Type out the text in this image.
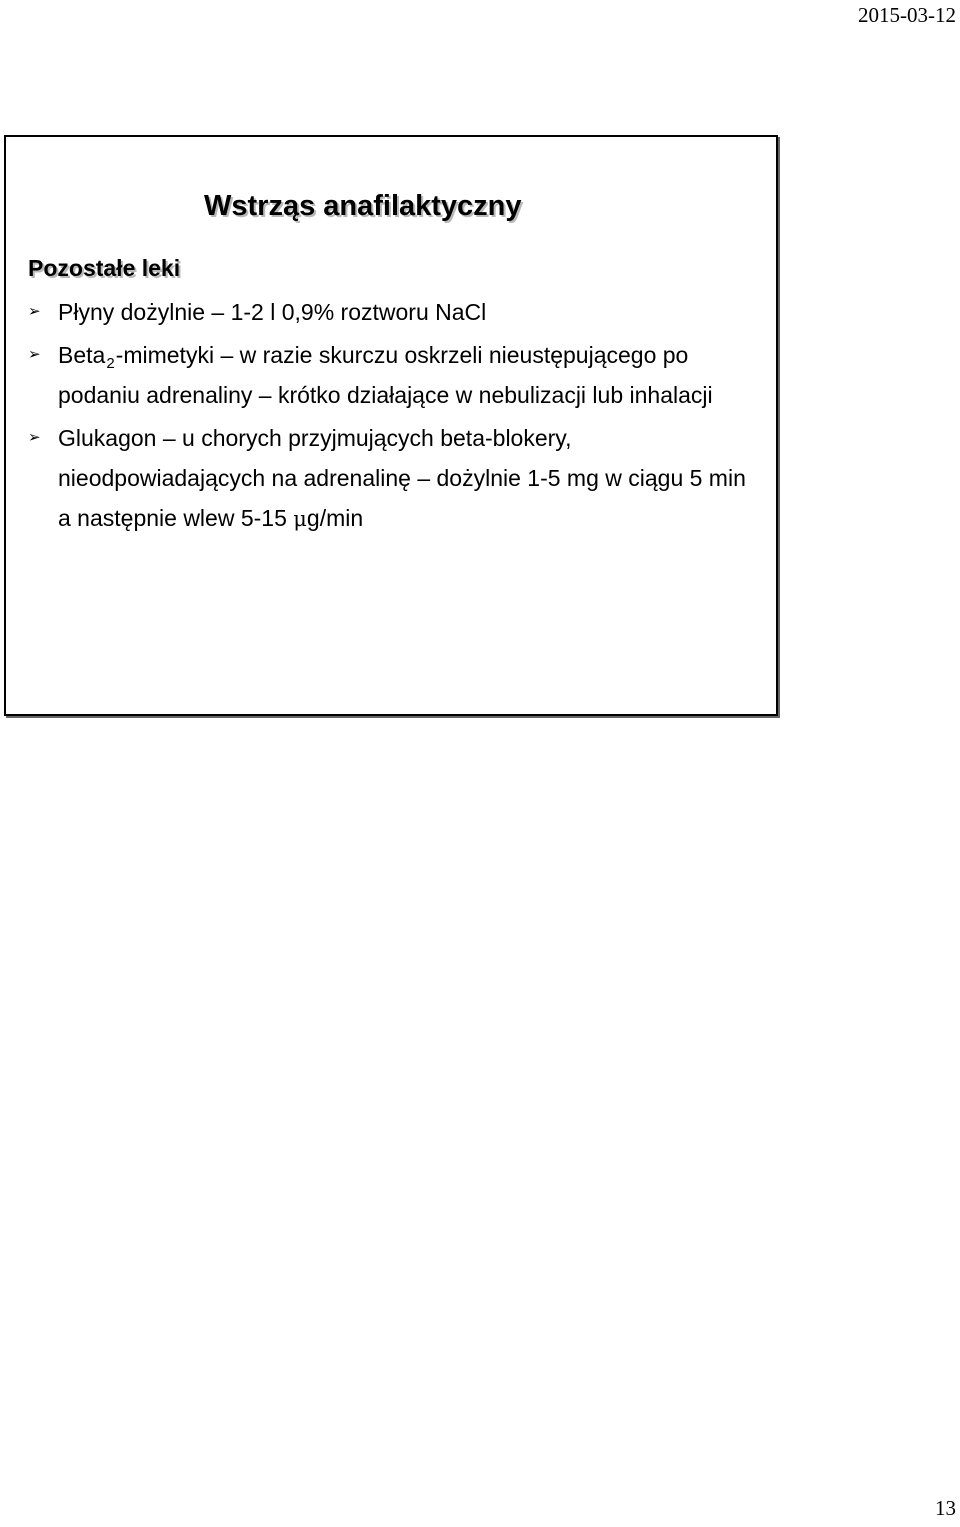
2015-03-12
Wstrząs anafilaktyczny
Pozostałe leki
➢ Płyny dożylnie – 1-2 l 0,9% roztworu NaCl
➢ Beta$_2$-mimetyki – w razie skurczu oskrzeli nieustępującego po podaniu adrenaliny – krótko działające w nebulizacji lub inhalacji
➢ Glukagon – u chorych przyjmujących beta-blokery, nieodpowiadających na adrenalinę – dożylnie 1-5 mg w ciągu 5 min a następnie wlew 5-15 μg/min
13
